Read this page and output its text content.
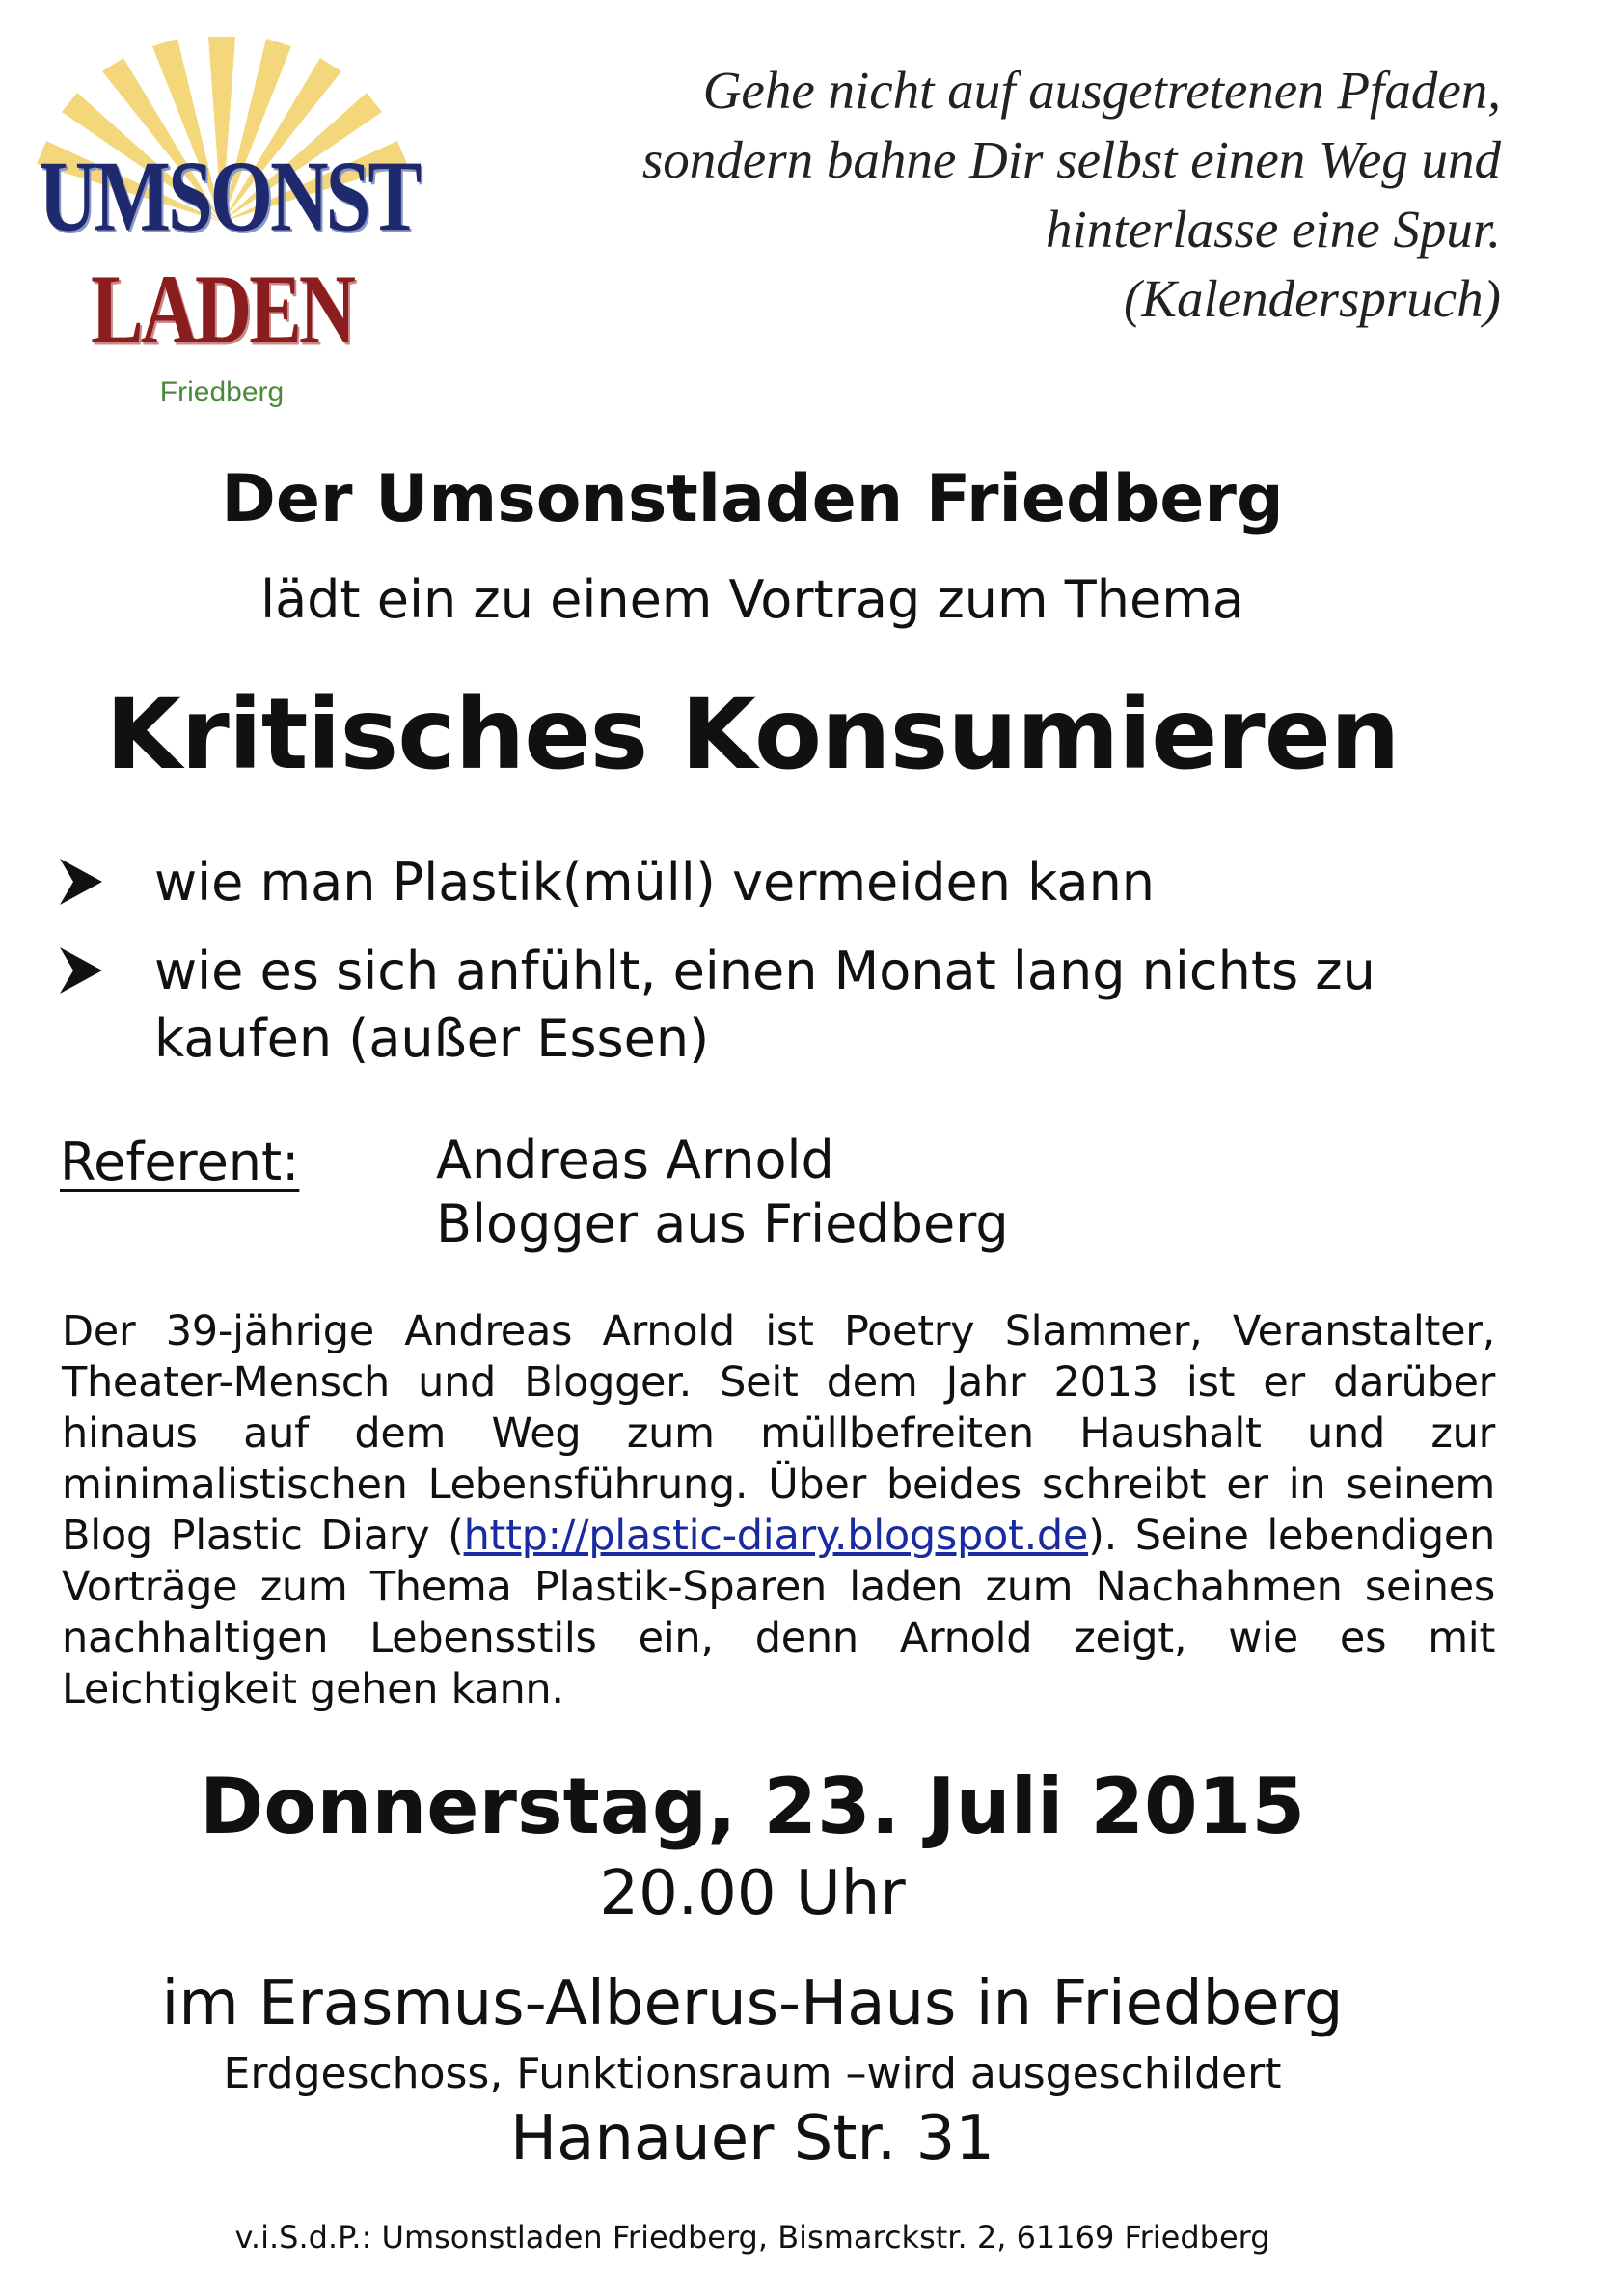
UMSONST
LADEN
Friedberg
Gehe nicht auf ausgetretenen Pfaden,
sondern bahne Dir selbst einen Weg und
hinterlasse eine Spur.
(Kalenderspruch)
Der Umsonstladen Friedberg
lädt ein zu einem Vortrag zum Thema
Kritisches Konsumieren
wie man Plastik(müll) vermeiden kann
wie es sich anfühlt, einen Monat lang nichts zu kaufen (außer Essen)
Referent:	Andreas Arnold
Blogger aus Friedberg
Der 39-jährige Andreas Arnold ist Poetry Slammer, Veranstalter, Theater-Mensch und Blogger. Seit dem Jahr 2013 ist er darüber hinaus auf dem Weg zum müllbefreiten Haushalt und zur minimalistischen Lebensführung. Über beides schreibt er in seinem Blog Plastic Diary (http://plastic-diary.blogspot.de). Seine lebendigen Vorträge zum Thema Plastik-Sparen laden zum Nachahmen seines nachhaltigen Lebensstils ein, denn Arnold zeigt, wie es mit Leichtigkeit gehen kann.
Donnerstag, 23. Juli 2015
20.00 Uhr
im Erasmus-Alberus-Haus in Friedberg
Erdgeschoss, Funktionsraum –wird ausgeschildert
Hanauer Str. 31
v.i.S.d.P.: Umsonstladen Friedberg, Bismarckstr. 2, 61169 Friedberg
